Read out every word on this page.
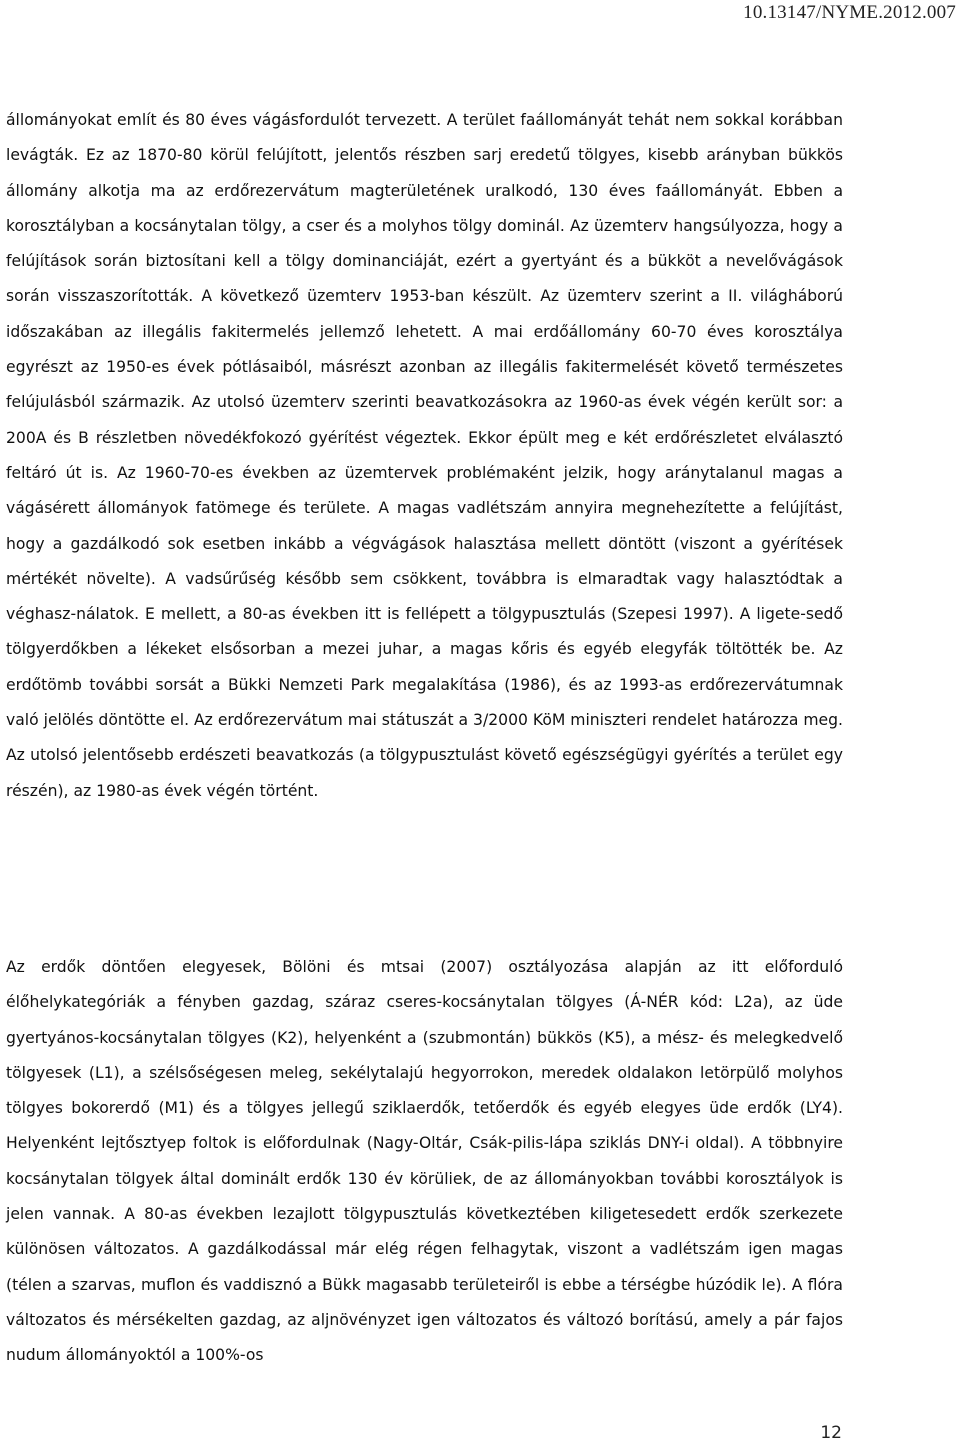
10.13147/NYME.2012.007

állományokat említ és 80 éves vágásfordulót tervezett. A terület faállományát tehát nem sokkal korábban levágták. Ez az 1870-80 körül felújított, jelentős részben sarj eredetű tölgyes, kisebb arányban bükkös állomány alkotja ma az erdőrezervátum magterületének uralkodó, 130 éves faállományát. Ebben a korosztályban a kocsánytalan tölgy, a cser és a molyhos tölgy dominál. Az üzemterv hangsúlyozza, hogy a felújítások során biztosítani kell a tölgy dominanciáját, ezért a gyertyánt és a bükköt a nevelővágások során visszaszorították. A következő üzemterv 1953-ban készült. Az üzemterv szerint a II. világháború időszakában az illegális fakitermelés jellemző lehetett. A mai erdőállomány 60-70 éves korosztálya egyrészt az 1950-es évek pótlásaiból, másrészt azonban az illegális fakitermelését követő természetes felújulásból származik. Az utolsó üzemterv szerinti beavatkozásokra az 1960-as évek végén került sor: a 200A és B részletben növedékfokozó gyérítést végeztek. Ekkor épült meg e két erdőrészletet elválasztó feltáró út is. Az 1960-70-es években az üzemtervek problémaként jelzik, hogy aránytalanul magas a vágásérett állományok fatömege és területe. A magas vadlétszám annyira megnehezítette a felújítást, hogy a gazdálkodó sok esetben inkább a végvágások halasztása mellett döntött (viszont a gyérítések mértékét növelte). A vadsűrűség később sem csökkent, továbbra is elmaradtak vagy halasztódtak a véghasz-nálatok. E mellett, a 80-as években itt is fellépett a tölgypusztulás (Szepesi 1997). A ligete-sedő tölgyerdőkben a lékeket elsősorban a mezei juhar, a magas kőris és egyéb elegyfák töltötték be. Az erdőtömb további sorsát a Bükki Nemzeti Park megalakítása (1986), és az 1993-as erdőrezervátumnak való jelölés döntötte el. Az erdőrezervátum mai státuszát a 3/2000 KöM miniszteri rendelet határozza meg. Az utolsó jelentősebb erdészeti beavatkozás (a tölgypusztulást követő egészségügyi gyérítés a terület egy részén), az 1980-as évek végén történt.

Az erdők döntően elegyesek, Bölöni és mtsai (2007) osztályozása alapján az itt előforduló élőhelykategóriák a fényben gazdag, száraz cseres-kocsánytalan tölgyes (Á-NÉR kód: L2a), az üde gyertyános-kocsánytalan tölgyes (K2), helyenként a (szubmontán) bükkös (K5), a mész- és melegkedvelő tölgyesek (L1), a szélsőségesen meleg, sekélytalajú hegyorrokon, meredek oldalakon letörpülő molyhos tölgyes bokorerdő (M1) és a tölgyes jellegű sziklaerdők, tetőerdők és egyéb elegyes üde erdők (LY4). Helyenként lejtősztyep foltok is előfordulnak (Nagy-Oltár, Csák-pilis-lápa sziklás DNY-i oldal). A többnyire kocsánytalan tölgyek által dominált erdők 130 év körüliek, de az állományokban további korosztályok is jelen vannak. A 80-as években lezajlott tölgypusztulás következtében kiligetesedett erdők szerkezete különösen változatos. A gazdálkodással már elég régen felhagytak, viszont a vadlétszám igen magas (télen a szarvas, muflon és vaddisznó a Bükk magasabb területeiről is ebbe a térségbe húzódik le). A flóra változatos és mérsékelten gazdag, az aljnövényzet igen változatos és változó borítású, amely a pár fajos nudum állományoktól a 100%-os

12
